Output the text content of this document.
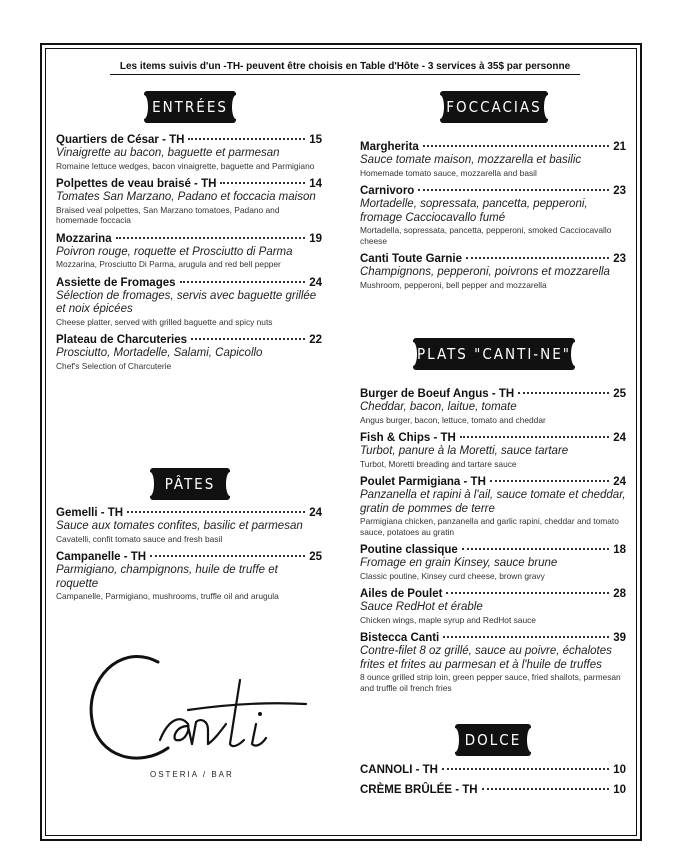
Les items suivis d'un -TH- peuvent être choisis en Table d'Hôte - 3 services à 35$ par personne
ENTRÉES
Quartiers de César - TH	15
Vinaigrette au bacon, baguette et parmesan
Romaine lettuce wedges, bacon vinaigrette, baguette and Parmigiano
Polpettes de veau braisé - TH	14
Tomates San Marzano, Padano et foccacia maison
Braised veal polpettes, San Marzano tomatoes, Padano and homemade foccacia
Mozzarina	19
Poivron rouge, roquette et Prosciutto di Parma
Mozzarina, Prosciutto Di Parma, arugula and red bell pepper
Assiette de Fromages	24
Sélection de fromages, servis avec baguette grillée et noix épicées
Cheese platter, served with grilled baguette and spicy nuts
Plateau de Charcuteries	22
Prosciutto, Mortadelle, Salami, Capicollo
Chef's Selection of Charcuterie
PÂTES
Gemelli - TH	24
Sauce aux tomates confites, basilic et parmesan
Cavatelli, confit tomato sauce and fresh basil
Campanelle - TH	25
Parmigiano, champignons, huile de truffe et roquette
Campanelle, Parmigiano, mushrooms, truffle oil and arugula
FOCCACIAS
Margherita	21
Sauce tomate maison, mozzarella et basilic
Homemade tomato sauce, mozzarella and basil
Carnivoro	23
Mortadelle, sopressata, pancetta, pepperoni, fromage Cacciocavallo fumé
Mortadella, sopressata, pancetta, pepperoni, smoked Cacciocavallo cheese
Canti Toute Garnie	23
Champignons, pepperoni, poivrons et mozzarella
Mushroom, pepperoni, bell pepper and mozzarella
PLATS "CANTI-NE"
Burger de Boeuf Angus - TH	25
Cheddar, bacon, laitue, tomate
Angus burger, bacon, lettuce, tomato and cheddar
Fish & Chips - TH	24
Turbot, panure à la Moretti, sauce tartare
Turbot, Moretti breading and tartare sauce
Poulet Parmigiana - TH	24
Panzanella et rapini à l'ail, sauce tomate et cheddar, gratin de pommes de terre
Parmigiana chicken, panzanella and garlic rapini, cheddar and tomato sauce, potatoes au gratin
Poutine classique	18
Fromage en grain Kinsey, sauce brune
Classic poutine, Kinsey curd cheese, brown gravy
Ailes de Poulet	28
Sauce RedHot et érable
Chicken wings, maple syrup and RedHot sauce
Bistecca Canti	39
Contre-filet 8 oz grillé, sauce au poivre, échalotes frites et frites au parmesan et à l'huile de truffes
8 ounce grilled strip loin, green pepper sauce, fried shallots, parmesan and truffle oil french fries
DOLCE
CANNOLI - TH	10
CRÈME BRÛLÉE - TH	10
OSTERIA / BAR
